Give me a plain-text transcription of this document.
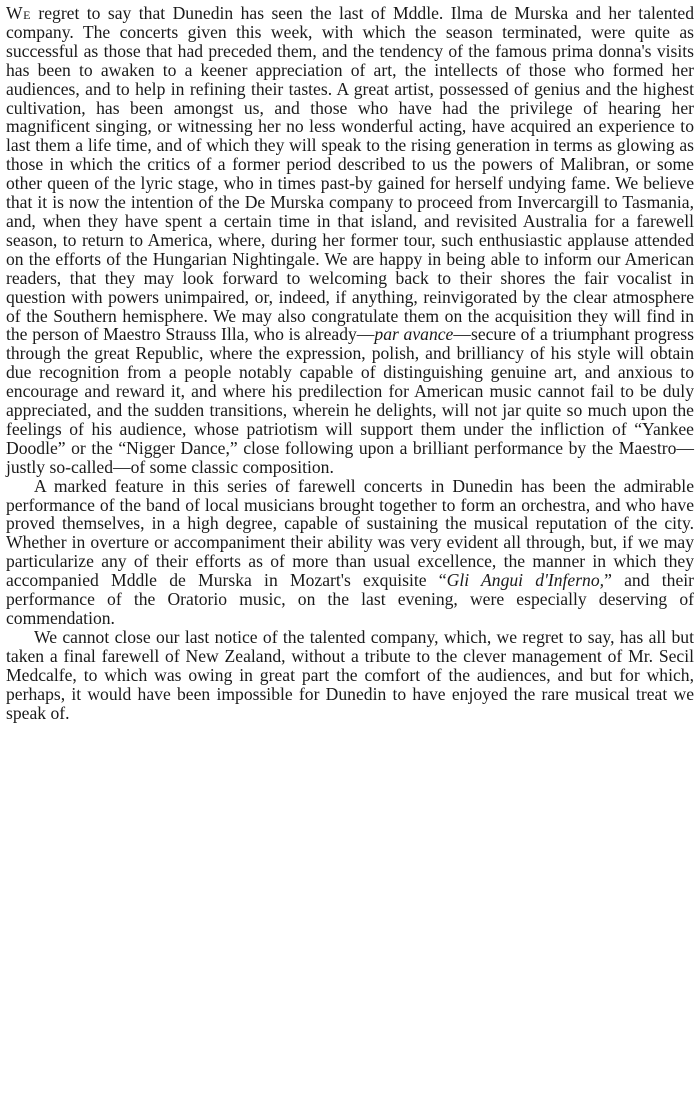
We regret to say that Dunedin has seen the last of Mddle. Ilma de Murska and her talented company. The concerts given this week, with which the season terminated, were quite as successful as those that had preceded them, and the tendency of the famous prima donna's visits has been to awaken to a keener appreciation of art, the intellects of those who formed her audiences, and to help in refining their tastes. A great artist, possessed of genius and the highest cultivation, has been amongst us, and those who have had the privilege of hearing her magnificent singing, or witnessing her no less wonderful acting, have acquired an experience to last them a life time, and of which they will speak to the rising generation in terms as glowing as those in which the critics of a former period described to us the powers of Malibran, or some other queen of the lyric stage, who in times past-by gained for herself undying fame. We believe that it is now the intention of the De Murska company to proceed from Invercargill to Tasmania, and, when they have spent a certain time in that island, and revisited Australia for a farewell season, to return to America, where, during her former tour, such enthusiastic applause attended on the efforts of the Hungarian Nightingale. We are happy in being able to inform our American readers, that they may look forward to welcoming back to their shores the fair vocalist in question with powers unimpaired, or, indeed, if anything, reinvigorated by the clear atmosphere of the Southern hemisphere. We may also congratulate them on the acquisition they will find in the person of Maestro Strauss Illa, who is already—par avance—secure of a triumphant progress through the great Republic, where the expression, polish, and brilliancy of his style will obtain due recognition from a people notably capable of distinguishing genuine art, and anxious to encourage and reward it, and where his predilection for American music cannot fail to be duly appreciated, and the sudden transitions, wherein he delights, will not jar quite so much upon the feelings of his audience, whose patriotism will support them under the infliction of “Yankee Doodle” or the “Nigger Dance,” close following upon a brilliant performance by the Maestro—justly so-called—of some classic composition.

A marked feature in this series of farewell concerts in Dunedin has been the admirable performance of the band of local musicians brought together to form an orchestra, and who have proved themselves, in a high degree, capable of sustaining the musical reputation of the city. Whether in overture or accompaniment their ability was very evident all through, but, if we may particularize any of their efforts as of more than usual excellence, the manner in which they accompanied Mddle de Murska in Mozart's exquisite “Gli Angui d'Inferno,” and their performance of the Oratorio music, on the last evening, were especially deserving of commendation.

We cannot close our last notice of the talented company, which, we regret to say, has all but taken a final farewell of New Zealand, without a tribute to the clever management of Mr. Secil Medcalfe, to which was owing in great part the comfort of the audiences, and but for which, perhaps, it would have been impossible for Dunedin to have enjoyed the rare musical treat we speak of.
